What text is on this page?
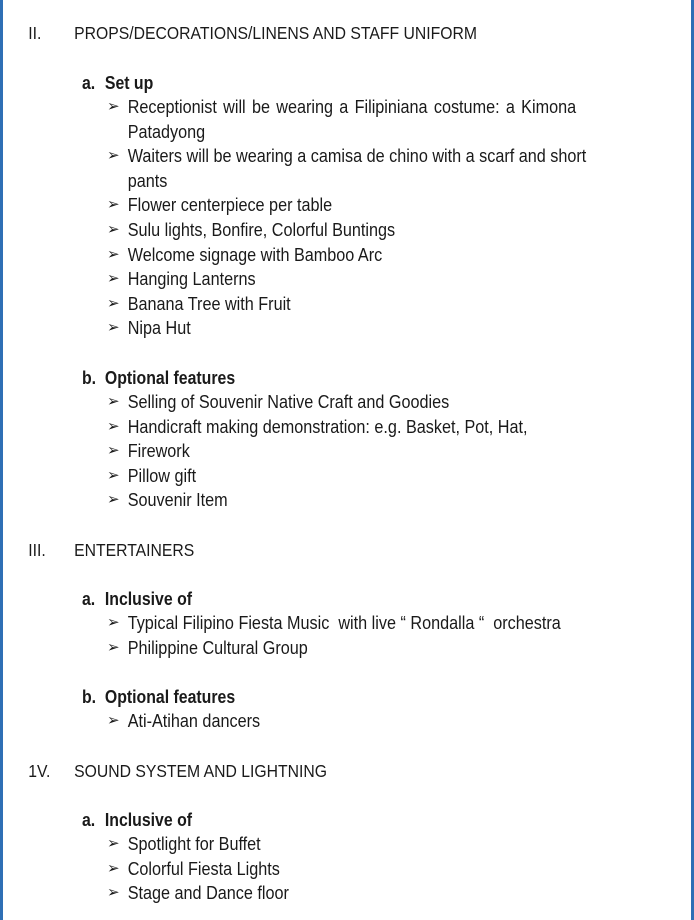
II. PROPS/DECORATIONS/LINENS AND STAFF UNIFORM
a. Set up
➢ Receptionist will be wearing a Filipiniana costume: a Kimona
Patadyong
➢ Waiters will be wearing a camisa de chino with a scarf and short
pants
➢ Flower centerpiece per table
➢ Sulu lights, Bonfire, Colorful Buntings
➢ Welcome signage with Bamboo Arc
➢ Hanging Lanterns
➢ Banana Tree with Fruit
➢ Nipa Hut
b. Optional features
➢ Selling of Souvenir Native Craft and Goodies
➢ Handicraft making demonstration: e.g. Basket, Pot, Hat,
➢ Firework
➢ Pillow gift
➢ Souvenir Item
III. ENTERTAINERS
a. Inclusive of
➢ Typical Filipino Fiesta Music  with live “ Rondalla “  orchestra
➢ Philippine Cultural Group
b. Optional features
➢ Ati-Atihan dancers
1V. SOUND SYSTEM AND LIGHTNING
a. Inclusive of
➢ Spotlight for Buffet
➢ Colorful Fiesta Lights
➢ Stage and Dance floor
